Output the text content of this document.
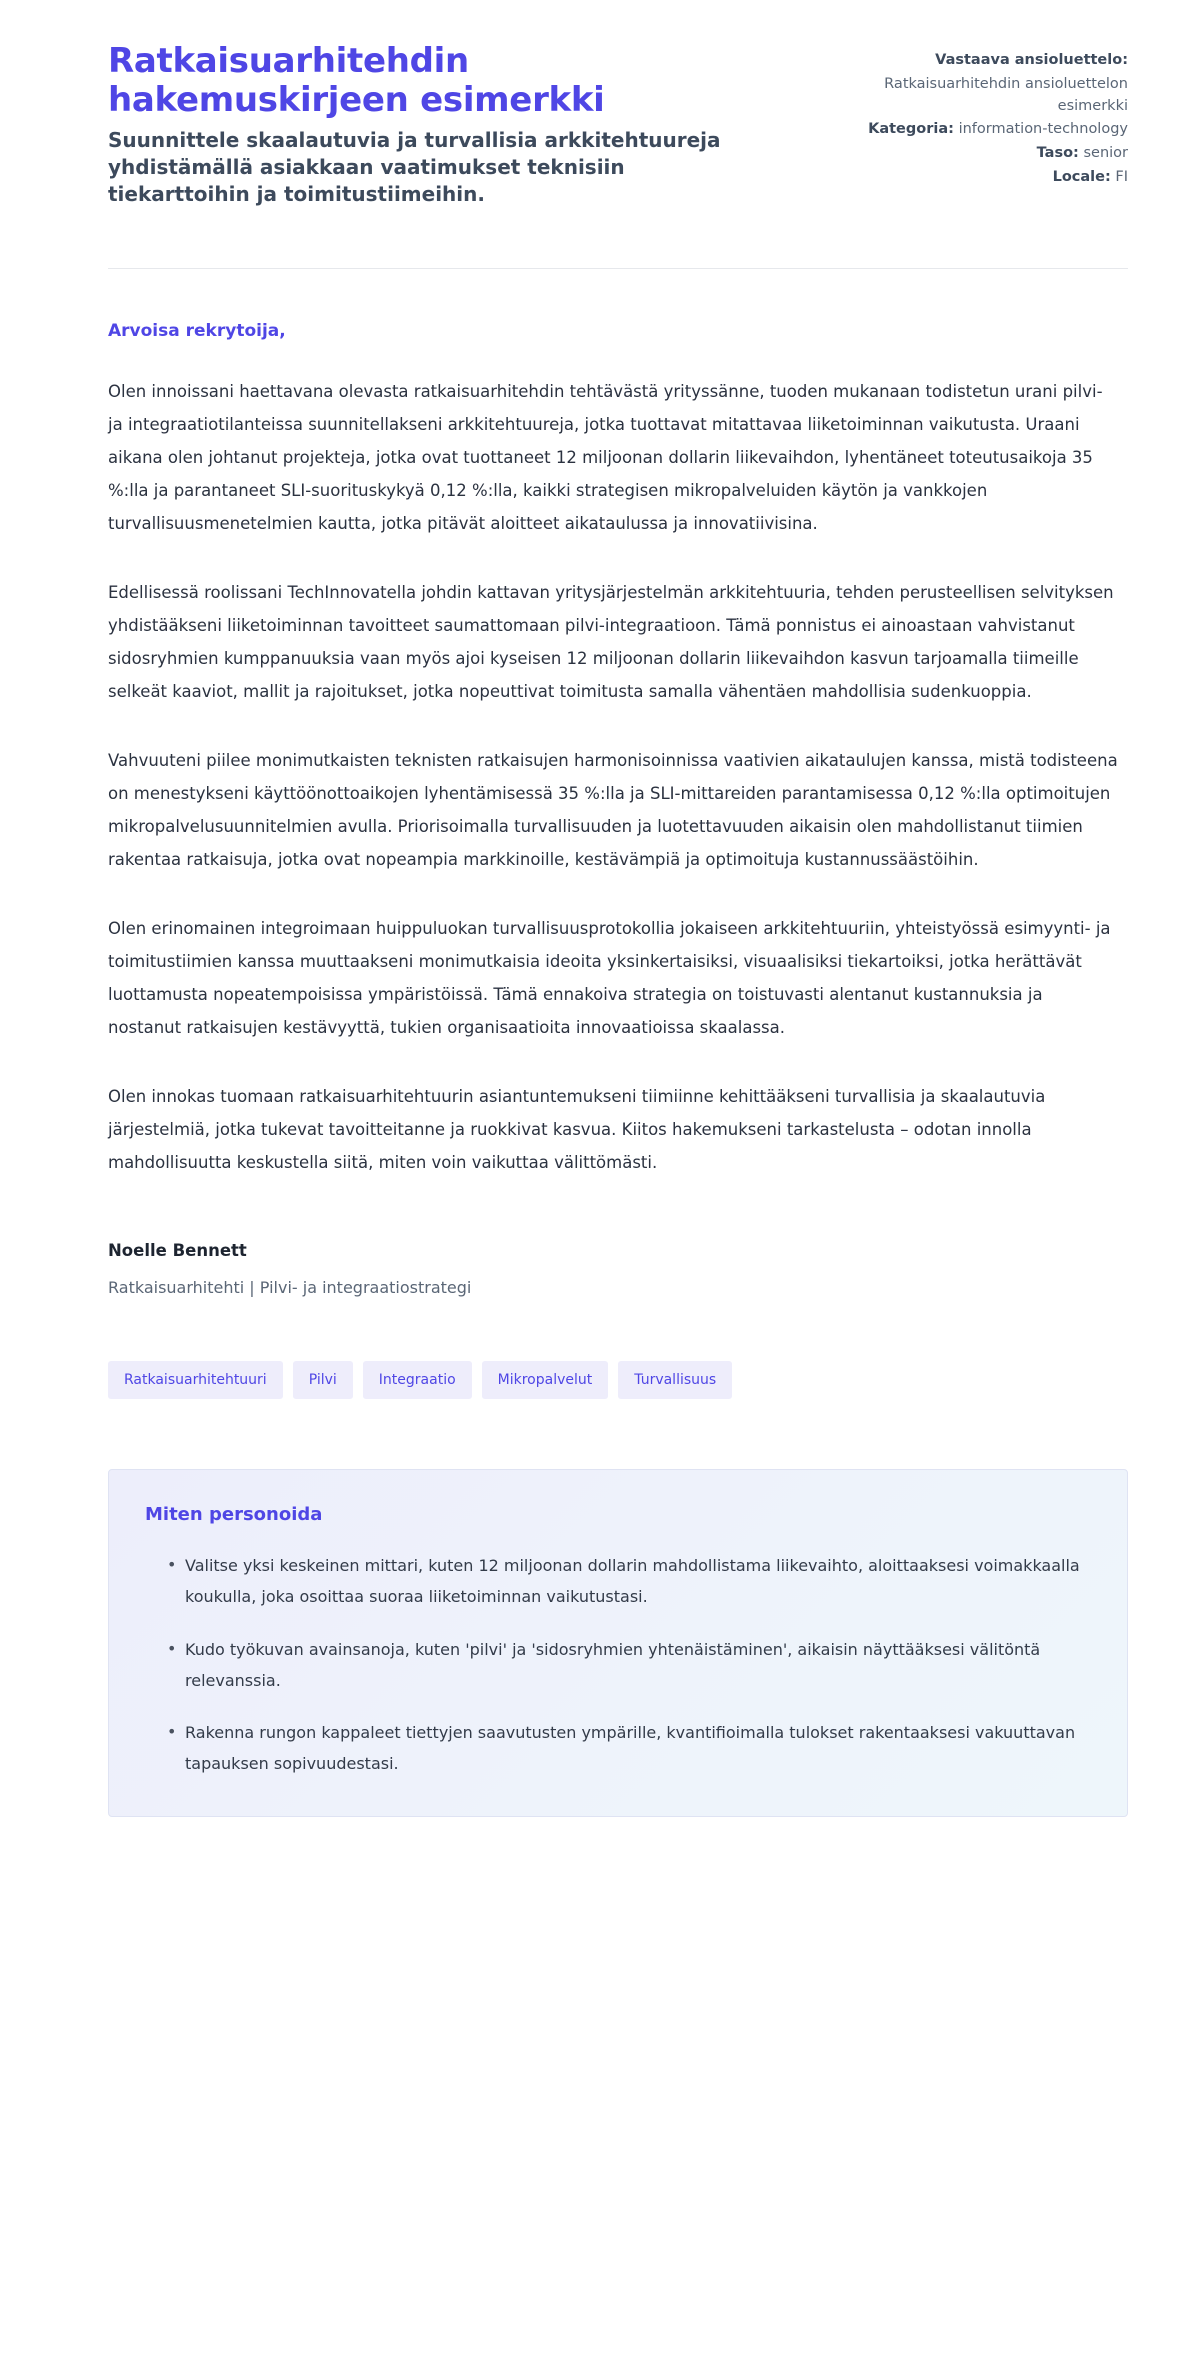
Ratkaisuarhitehdin hakemuskirjeen esimerkki
Suunnittele skaalautuvia ja turvallisia arkkitehtuureja yhdistämällä asiakkaan vaatimukset teknisiin tiekarttoihin ja toimitustiimeihin.
Vastaava ansioluettelo:
Ratkaisuarhitehdin ansioluettelon esimerkki
Kategoria: information-technology
Taso: senior
Locale: FI

Arvoisa rekrytoija,

Olen innoissani haettavana olevasta ratkaisuarhitehdin tehtävästä yrityssänne, tuoden mukanaan todistetun urani pilvi- ja integraatiotilanteissa suunnitellakseni arkkitehtuureja, jotka tuottavat mitattavaa liiketoiminnan vaikutusta. Uraani aikana olen johtanut projekteja, jotka ovat tuottaneet 12 miljoonan dollarin liikevaihdon, lyhentäneet toteutusaikoja 35 %:lla ja parantaneet SLI-suorituskykyä 0,12 %:lla, kaikki strategisen mikropalveluiden käytön ja vankkojen turvallisuusmenetelmien kautta, jotka pitävät aloitteet aikataulussa ja innovatiivisina.

Edellisessä roolissani TechInnovatella johdin kattavan yritysjärjestelmän arkkitehtuuria, tehden perusteellisen selvityksen yhdistääkseni liiketoiminnan tavoitteet saumattomaan pilvi-integraatioon. Tämä ponnistus ei ainoastaan vahvistanut sidosryhmien kumppanuuksia vaan myös ajoi kyseisen 12 miljoonan dollarin liikevaihdon kasvun tarjoamalla tiimeille selkeät kaaviot, mallit ja rajoitukset, jotka nopeuttivat toimitusta samalla vähentäen mahdollisia sudenkuoppia.

Vahvuuteni piilee monimutkaisten teknisten ratkaisujen harmonisoinnissa vaativien aikataulujen kanssa, mistä todisteena on menestykseni käyttöönottoaikojen lyhentämisessä 35 %:lla ja SLI-mittareiden parantamisessa 0,12 %:lla optimoitujen mikropalvelusuunnitelmien avulla. Priorisoimalla turvallisuuden ja luotettavuuden aikaisin olen mahdollistanut tiimien rakentaa ratkaisuja, jotka ovat nopeampia markkinoille, kestävämpiä ja optimoituja kustannussäästöihin.

Olen erinomainen integroimaan huippuluokan turvallisuusprotokollia jokaiseen arkkitehtuuriin, yhteistyössä esimyynti- ja toimitustiimien kanssa muuttaakseni monimutkaisia ideoita yksinkertaisiksi, visuaalisiksi tiekartoiksi, jotka herättävät luottamusta nopeatempoisissa ympäristöissä. Tämä ennakoiva strategia on toistuvasti alentanut kustannuksia ja nostanut ratkaisujen kestävyyttä, tukien organisaatioita innovaatioissa skaalassa.

Olen innokas tuomaan ratkaisuarhitehtuurin asiantuntemukseni tiimiinne kehittääkseni turvallisia ja skaalautuvia järjestelmiä, jotka tukevat tavoitteitanne ja ruokkivat kasvua. Kiitos hakemukseni tarkastelusta – odotan innolla mahdollisuutta keskustella siitä, miten voin vaikuttaa välittömästi.

Noelle Bennett

Ratkaisuarhitehti | Pilvi- ja integraatiostrategi

Ratkaisuarhitehtuuri	Pilvi	Integraatio	Mikropalvelut	Turvallisuus
Miten personoida
• Valitse yksi keskeinen mittari, kuten 12 miljoonan dollarin mahdollistama liikevaihto, aloittaaksesi voimakkaalla koukulla, joka osoittaa suoraa liiketoiminnan vaikutustasi.
• Kudo työkuvan avainsanoja, kuten 'pilvi' ja 'sidosryhmien yhtenäistäminen', aikaisin näyttääksesi välitöntä relevanssia.
• Rakenna rungon kappaleet tiettyjen saavutusten ympärille, kvantifioimalla tulokset rakentaaksesi vakuuttavan tapauksen sopivuudestasi.
